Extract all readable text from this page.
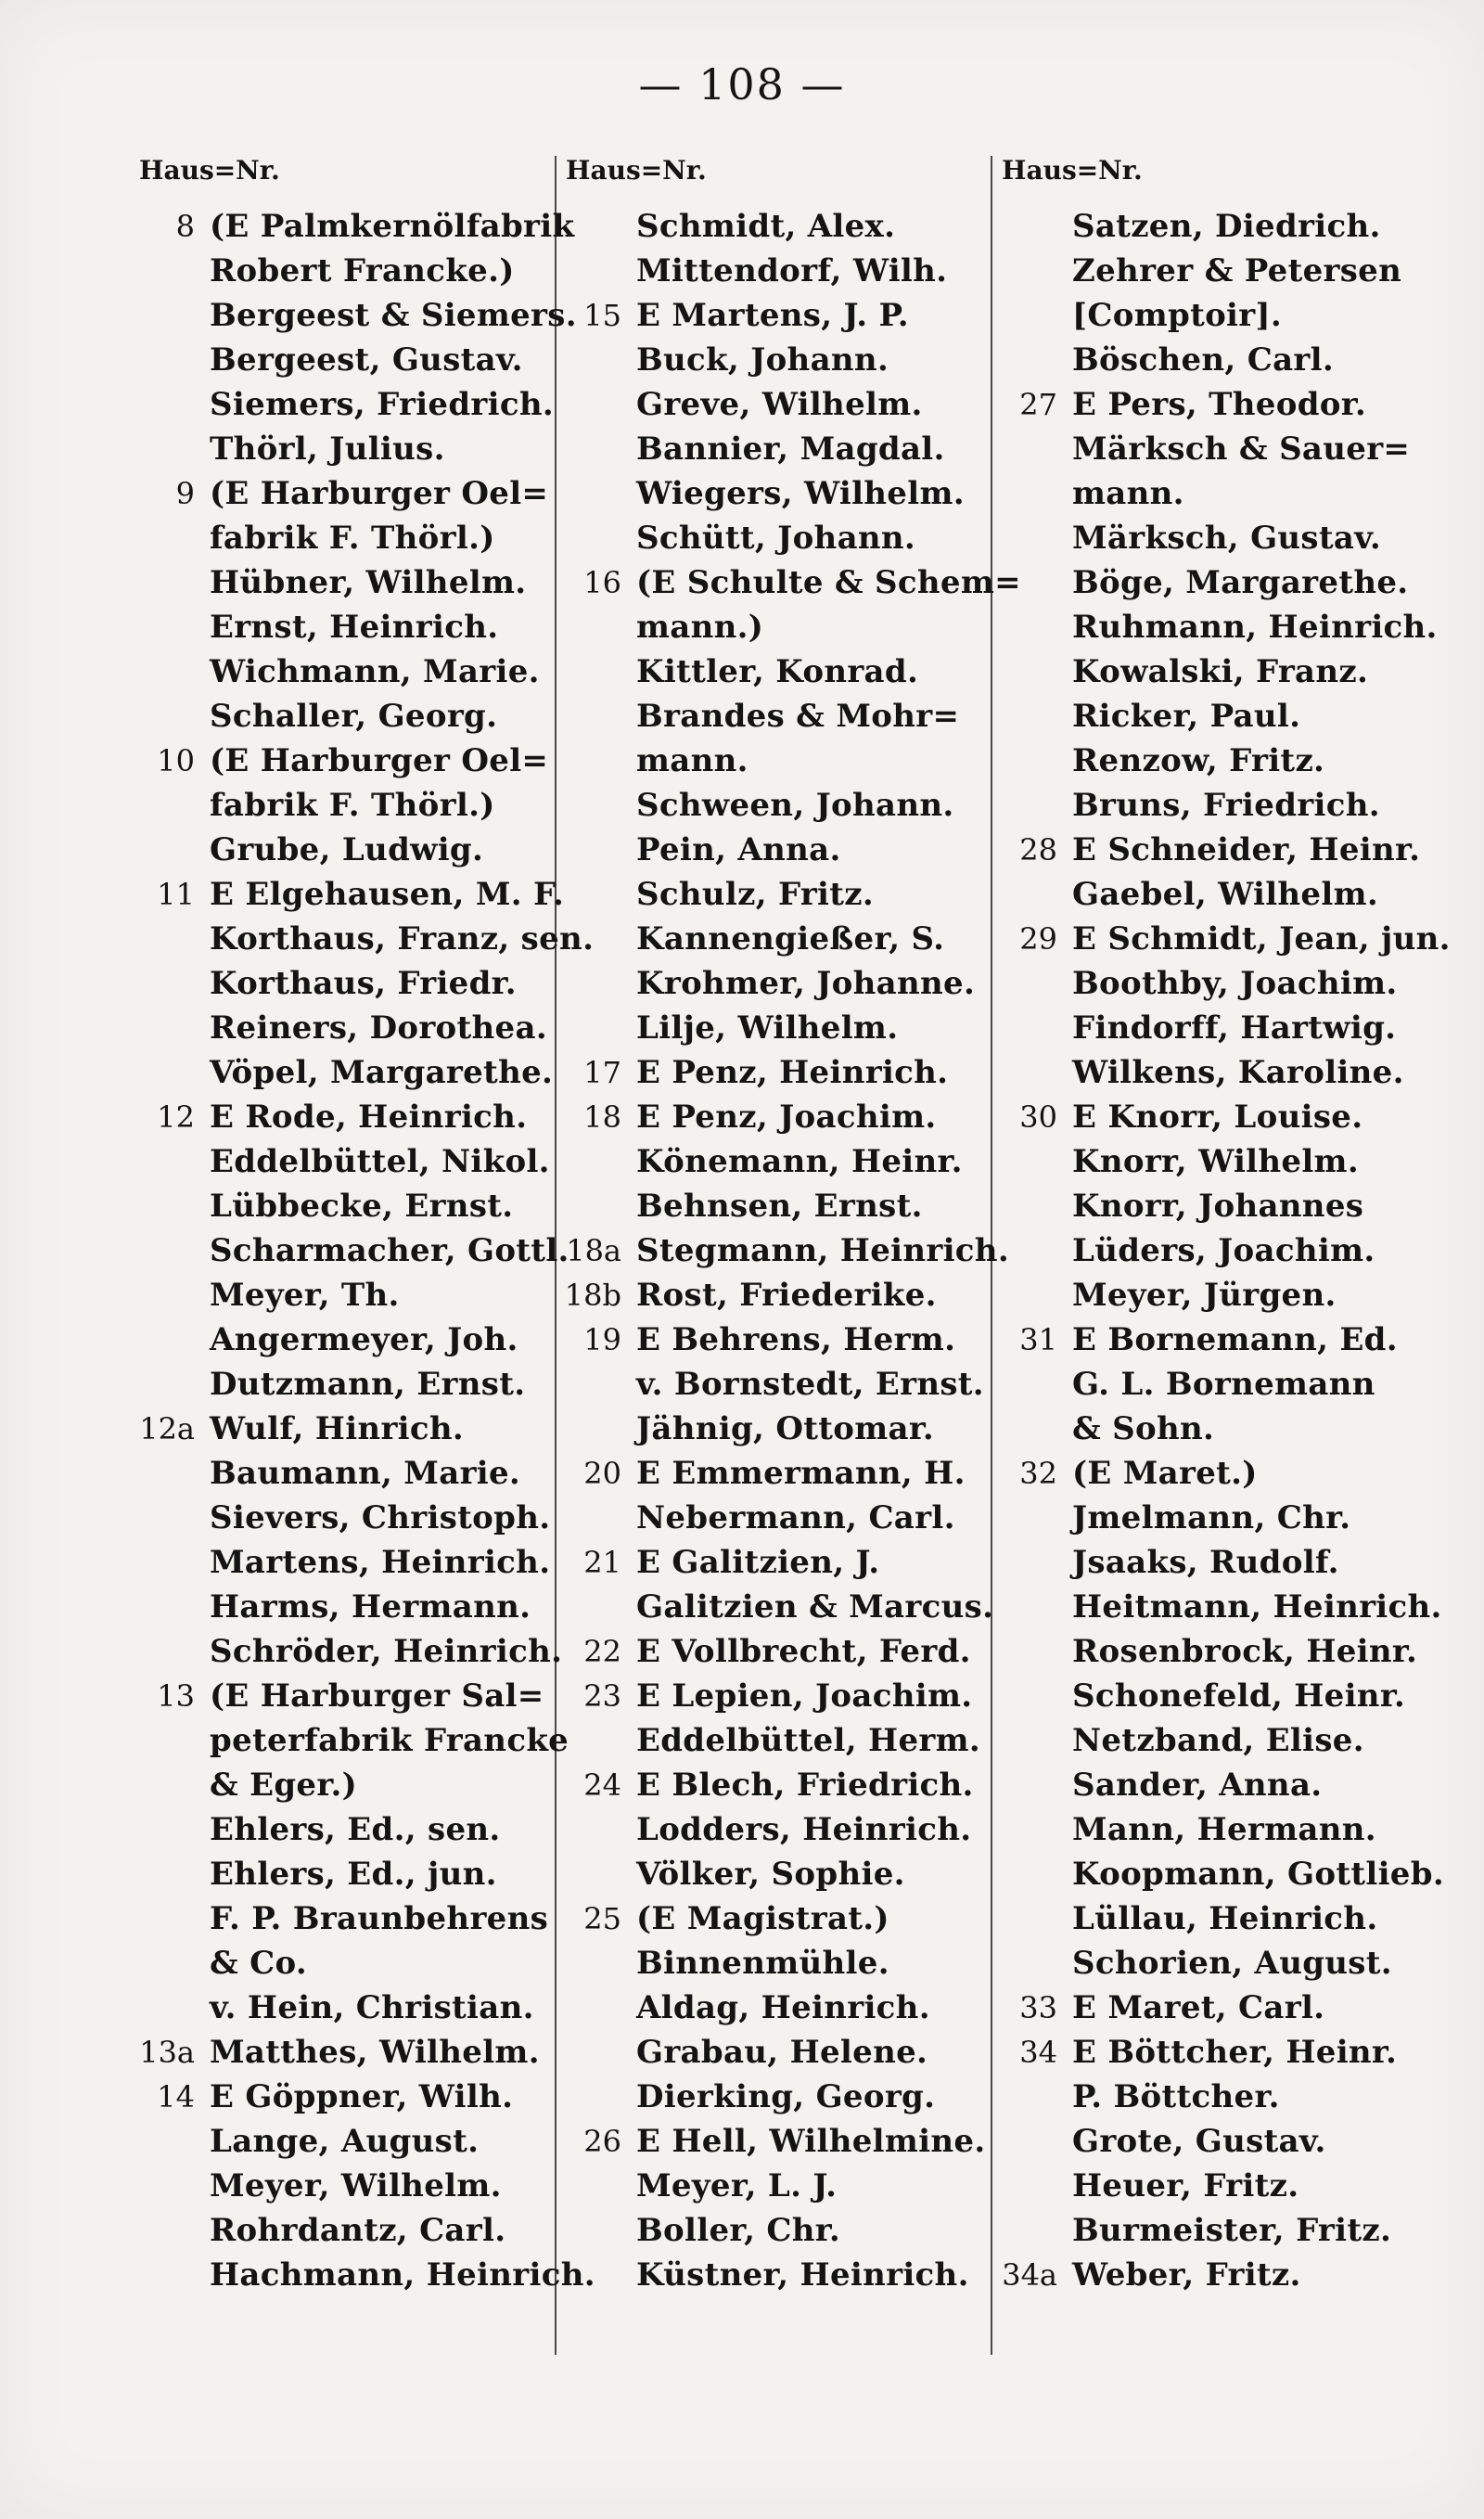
— 108 —
Haus=Nr.
8 (E Palmkernölfabrik
Robert Francke.)
Bergeest & Siemers.
Bergeest, Gustav.
Siemers, Friedrich.
Thörl, Julius.
9 (E Harburger Oel=
fabrik F. Thörl.)
Hübner, Wilhelm.
Ernst, Heinrich.
Wichmann, Marie.
Schaller, Georg.
10 (E Harburger Oel=
fabrik F. Thörl.)
Grube, Ludwig.
11 E Elgehausen, M. F.
Korthaus, Franz, sen.
Korthaus, Friedr.
Reiners, Dorothea.
Vöpel, Margarethe.
12 E Rode, Heinrich.
Eddelbüttel, Nikol.
Lübbecke, Ernst.
Scharmacher, Gottl.
Meyer, Th.
Angermeyer, Joh.
Dutzmann, Ernst.
12a Wulf, Hinrich.
Baumann, Marie.
Sievers, Christoph.
Martens, Heinrich.
Harms, Hermann.
Schröder, Heinrich.
13 (E Harburger Sal=
peterfabrik Francke
& Eger.)
Ehlers, Ed., sen.
Ehlers, Ed., jun.
F. P. Braunbehrens
& Co.
v. Hein, Christian.
13a Matthes, Wilhelm.
14 E Göppner, Wilh.
Lange, August.
Meyer, Wilhelm.
Rohrdantz, Carl.
Hachmann, Heinrich.
Haus=Nr.
Schmidt, Alex.
Mittendorf, Wilh.
15 E Martens, J. P.
Buck, Johann.
Greve, Wilhelm.
Bannier, Magdal.
Wiegers, Wilhelm.
Schütt, Johann.
16 (E Schulte & Schem=
mann.)
Kittler, Konrad.
Brandes & Mohr=
mann.
Schween, Johann.
Pein, Anna.
Schulz, Fritz.
Kannengießer, S.
Krohmer, Johanne.
Lilje, Wilhelm.
17 E Penz, Heinrich.
18 E Penz, Joachim.
Könemann, Heinr.
Behnsen, Ernst.
18a Stegmann, Heinrich.
18b Rost, Friederike.
19 E Behrens, Herm.
v. Bornstedt, Ernst.
Jähnig, Ottomar.
20 E Emmermann, H.
Nebermann, Carl.
21 E Galitzien, J.
Galitzien & Marcus.
22 E Vollbrecht, Ferd.
23 E Lepien, Joachim.
Eddelbüttel, Herm.
24 E Blech, Friedrich.
Lodders, Heinrich.
Völker, Sophie.
25 (E Magistrat.)
Binnenmühle.
Aldag, Heinrich.
Grabau, Helene.
Dierking, Georg.
26 E Hell, Wilhelmine.
Meyer, L. J.
Boller, Chr.
Küstner, Heinrich.
Haus=Nr.
Satzen, Diedrich.
Zehrer & Petersen
[Comptoir].
Böschen, Carl.
27 E Pers, Theodor.
Märksch & Sauer=
mann.
Märksch, Gustav.
Böge, Margarethe.
Ruhmann, Heinrich.
Kowalski, Franz.
Ricker, Paul.
Renzow, Fritz.
Bruns, Friedrich.
28 E Schneider, Heinr.
Gaebel, Wilhelm.
29 E Schmidt, Jean, jun.
Boothby, Joachim.
Findorff, Hartwig.
Wilkens, Karoline.
30 E Knorr, Louise.
Knorr, Wilhelm.
Knorr, Johannes
Lüders, Joachim.
Meyer, Jürgen.
31 E Bornemann, Ed.
G. L. Bornemann
& Sohn.
32 (E Maret.)
Jmelmann, Chr.
Jsaaks, Rudolf.
Heitmann, Heinrich.
Rosenbrock, Heinr.
Schonefeld, Heinr.
Netzband, Elise.
Sander, Anna.
Mann, Hermann.
Koopmann, Gottlieb.
Lüllau, Heinrich.
Schorien, August.
33 E Maret, Carl.
34 E Böttcher, Heinr.
P. Böttcher.
Grote, Gustav.
Heuer, Fritz.
Burmeister, Fritz.
34a Weber, Fritz.
